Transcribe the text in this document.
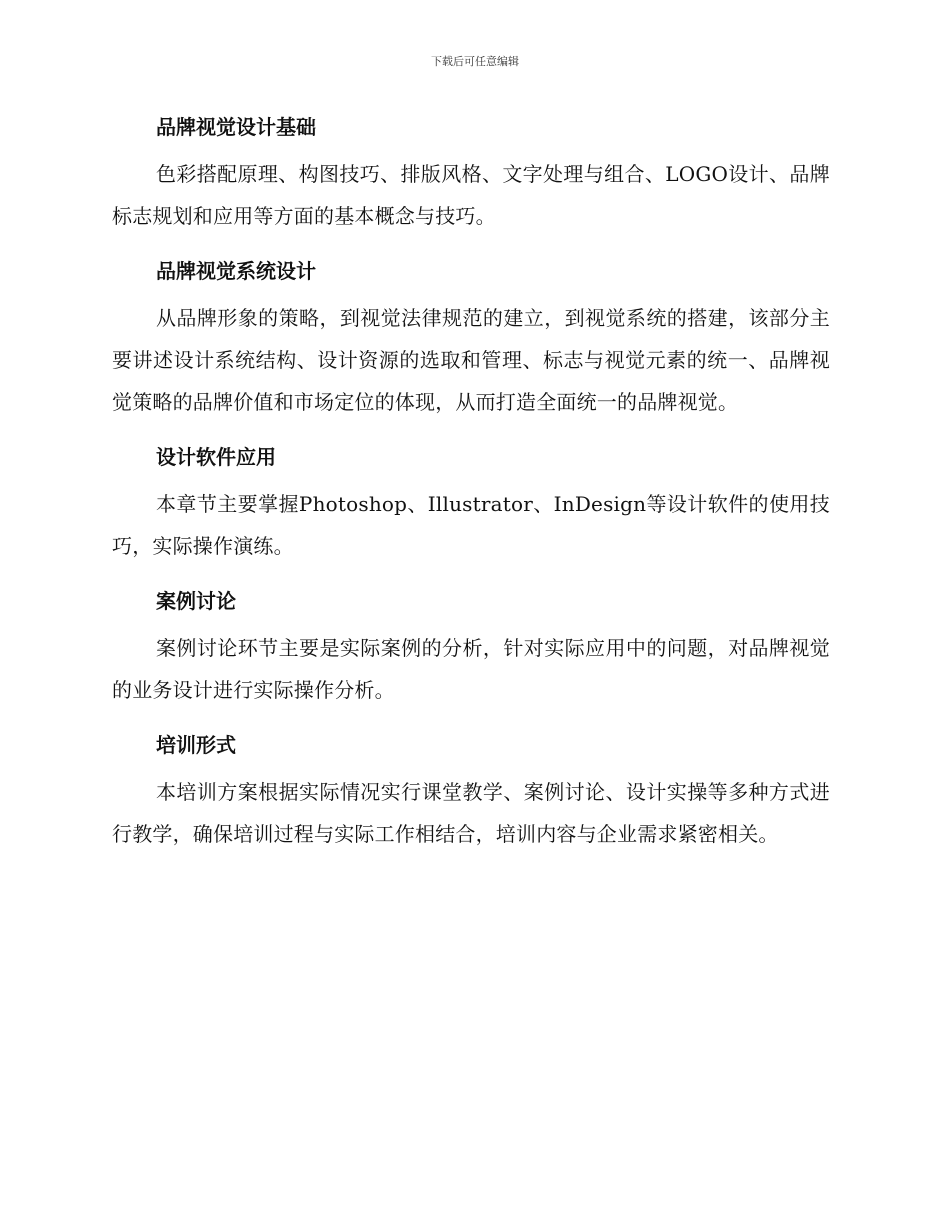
下载后可任意编辑
品牌视觉设计基础

色彩搭配原理、构图技巧、排版风格、文字处理与组合、LOGO设计、品牌标志规划和应用等方面的基本概念与技巧。

品牌视觉系统设计

从品牌形象的策略，到视觉法律规范的建立，到视觉系统的搭建，该部分主要讲述设计系统结构、设计资源的选取和管理、标志与视觉元素的统一、品牌视觉策略的品牌价值和市场定位的体现，从而打造全面统一的品牌视觉。

设计软件应用

本章节主要掌握Photoshop、Illustrator、InDesign等设计软件的使用技巧，实际操作演练。

案例讨论

案例讨论环节主要是实际案例的分析，针对实际应用中的问题，对品牌视觉的业务设计进行实际操作分析。

培训形式

本培训方案根据实际情况实行课堂教学、案例讨论、设计实操等多种方式进行教学，确保培训过程与实际工作相结合，培训内容与企业需求紧密相关。
